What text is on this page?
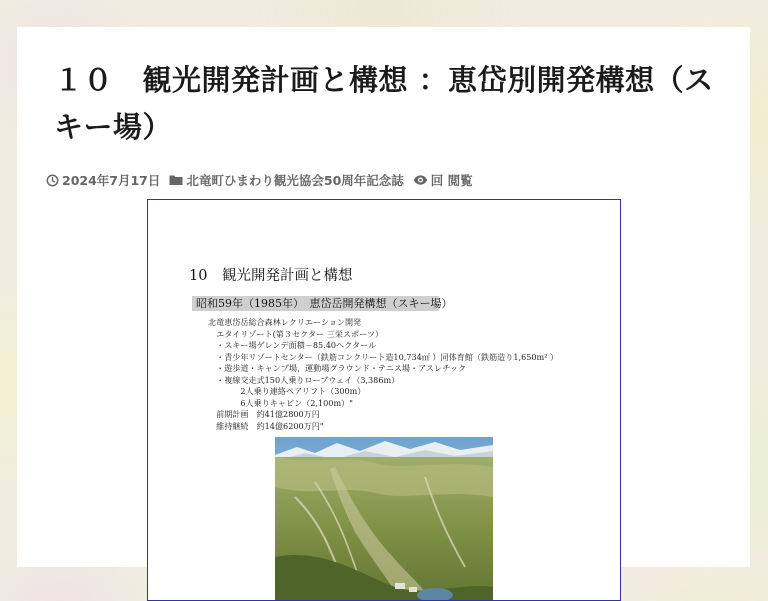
１０　観光開発計画と構想 ：恵岱別開発構想（スキー場）
2024年7月17日 北竜町ひまわり観光協会50周年記念誌 回 閲覧
10　観光開発計画と構想
昭和59年（1985年）　恵岱岳開発構想（スキー場）
北竜恵岱岳総合森林レクリエーション開発
　エタイリゾート(第３セクター 三栄スポーツ）
　・スキー場ゲレンデ面積－85.40ヘクタール
　・青少年リゾートセンター（鉄筋コンクリート造10,734㎡ ）同体育館（鉄筋造り1,650m² ）
　・遊歩道・キャンプ場，運動場グラウンド・テニス場・アスレチック
　・複線交走式150人乗りロープウェイ（3,386m）
　　　　2人乗り連絡ペアリフト（300m）
　　　　6人乗りキャビン（2,100m）"
　前期計画　約41億2800万円
　維持継続　約14億6200万円"
